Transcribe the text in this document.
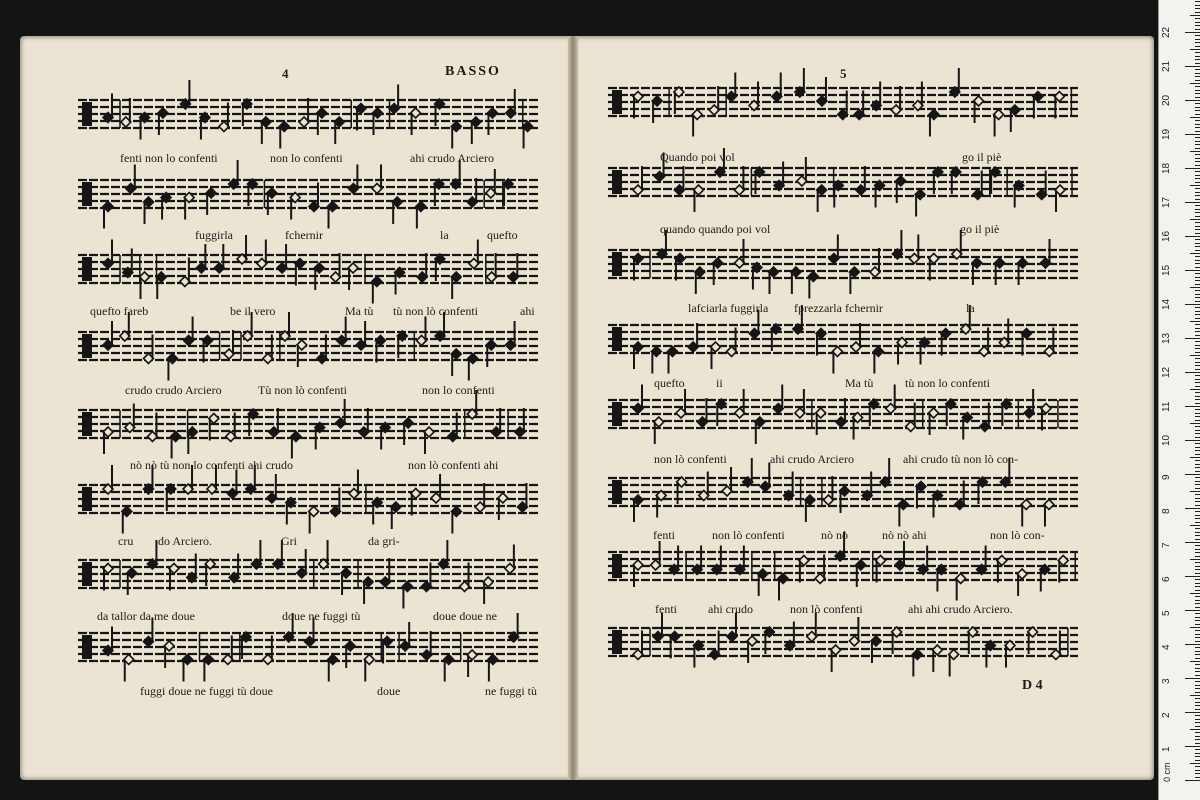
BASSO
4	5
D 4
fenti non lo confenti	non lo confenti	ahi crudo Arciero
fuggirla	fchernir	la	quefto
quefto fareb	be il vero	Ma tù tù non lò confenti	ahi
crudo crudo Arciero	Tù non lò confenti	non lo confenti
nò nò tù non lo confenti ahi crudo	non lò confenti ahi
cru do Arciero.	Gri	da gri-
da tallor da me doue	doue ne fuggi tù	doue doue ne
fuggi doue ne fuggi tù doue	doue	ne fuggi tù
Quando poi vol	go il piè
quando quando poi vol	go il piè
lafciarla fuggirla fprezzarla fchernir	la
quefto	ii	Ma tù	tù non lo confenti
non lò confenti	ahi crudo Arciero	ahi crudo tù non lò con-
fenti	non lò confenti	nò nò	nò nò ahi	non lò con-
fenti	ahi crudo	non lò confenti	ahi ahi crudo Arciero.
1
2
3
4
5
6
7
8
9
10
11
12
13
14
15
16
17
18
19
20
21
22
0 cm
